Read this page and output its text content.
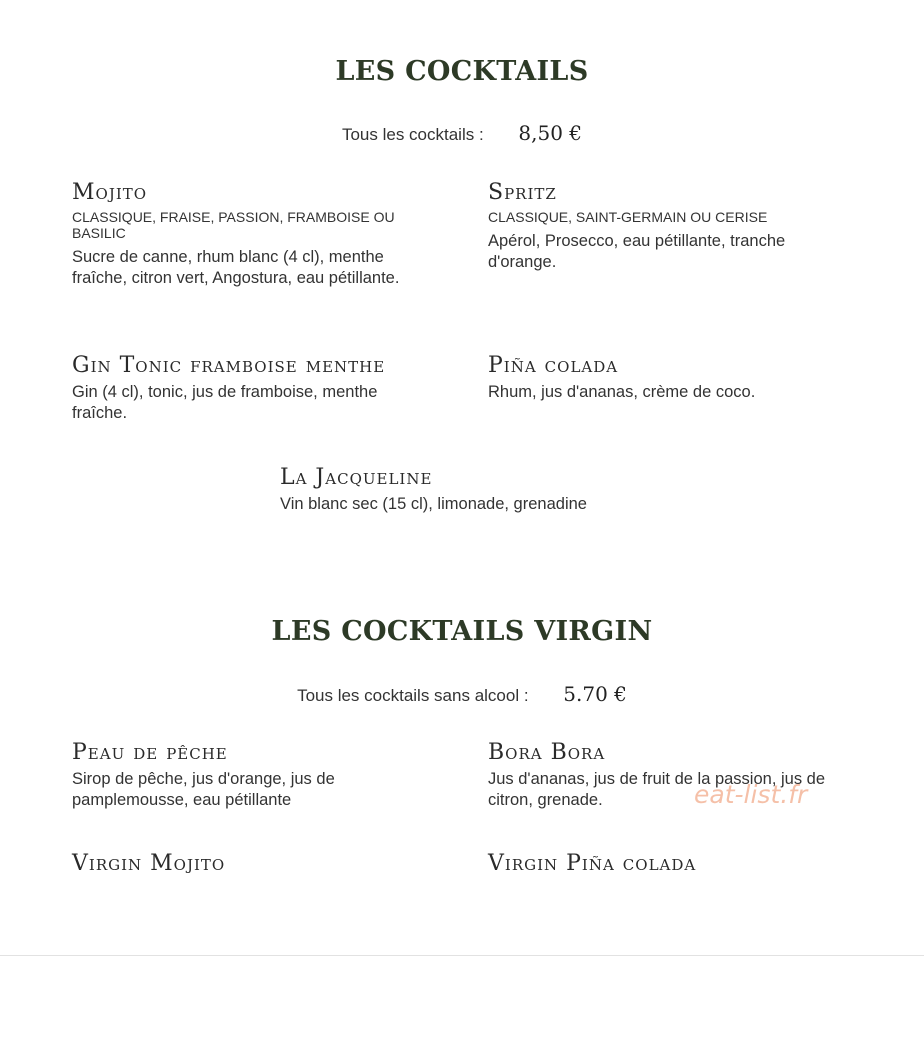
LES COCKTAILS
Tous les cocktails : 8,50 €
Mojito
CLASSIQUE, FRAISE, PASSION, FRAMBOISE OU BASILIC
Sucre de canne, rhum blanc (4 cl), menthe fraîche, citron vert, Angostura, eau pétillante.
Spritz
CLASSIQUE, SAINT-GERMAIN OU CERISE
Apérol, Prosecco, eau pétillante, tranche d'orange.
Gin Tonic framboise menthe
Gin (4 cl), tonic, jus de framboise, menthe fraîche.
Piña colada
Rhum, jus d'ananas, crème de coco.
La Jacqueline
Vin blanc sec (15 cl), limonade, grenadine
LES COCKTAILS VIRGIN
Tous les cocktails sans alcool : 5.70 €
Peau de pêche
Sirop de pêche, jus d'orange, jus de pamplemousse, eau pétillante
Bora Bora
Jus d'ananas, jus de fruit de la passion, jus de citron, grenade.
Virgin Mojito	Virgin Piña colada
eat-list.fr
